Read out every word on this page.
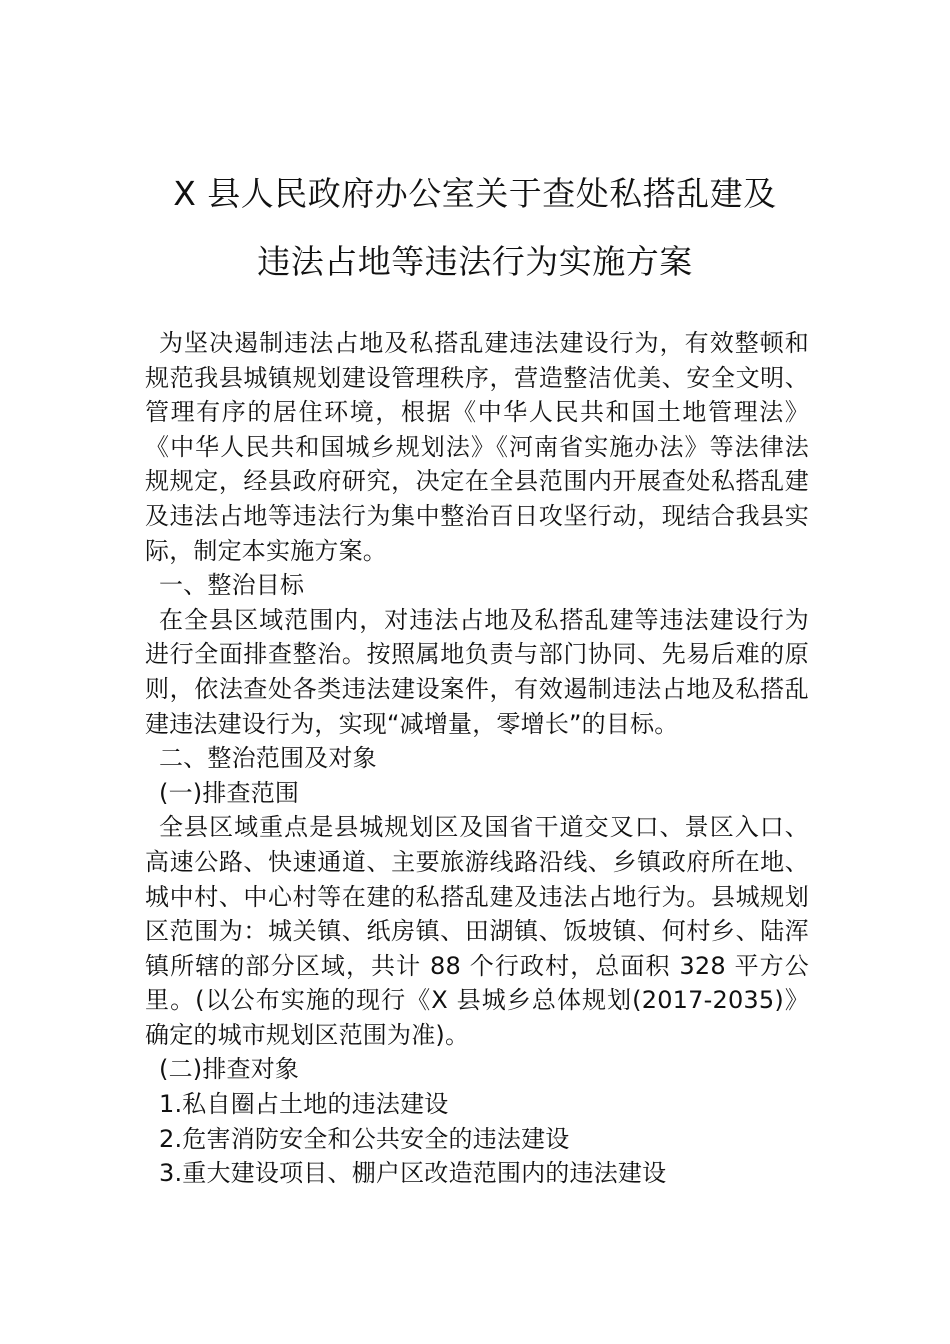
X 县人民政府办公室关于查处私搭乱建及
违法占地等违法行为实施方案

为坚决遏制违法占地及私搭乱建违法建设行为，有效整顿和规范我县城镇规划建设管理秩序，营造整洁优美、安全文明、管理有序的居住环境，根据《中华人民共和国土地管理法》《中华人民共和国城乡规划法》《河南省实施办法》等法律法规规定，经县政府研究，决定在全县范围内开展查处私搭乱建及违法占地等违法行为集中整治百日攻坚行动，现结合我县实际，制定本实施方案。

一、整治目标

在全县区域范围内，对违法占地及私搭乱建等违法建设行为进行全面排查整治。按照属地负责与部门协同、先易后难的原则，依法查处各类违法建设案件，有效遏制违法占地及私搭乱建违法建设行为，实现“减增量，零增长”的目标。

二、整治范围及对象

(一)排查范围

全县区域重点是县城规划区及国省干道交叉口、景区入口、高速公路、快速通道、主要旅游线路沿线、乡镇政府所在地、城中村、中心村等在建的私搭乱建及违法占地行为。县城规划区范围为：城关镇、纸房镇、田湖镇、饭坡镇、何村乡、陆浑镇所辖的部分区域，共计 88 个行政村，总面积 328 平方公里。(以公布实施的现行《X 县城乡总体规划(2017-2035)》确定的城市规划区范围为准)。

(二)排查对象

1.私自圈占土地的违法建设

2.危害消防安全和公共安全的违法建设

3.重大建设项目、棚户区改造范围内的违法建设
